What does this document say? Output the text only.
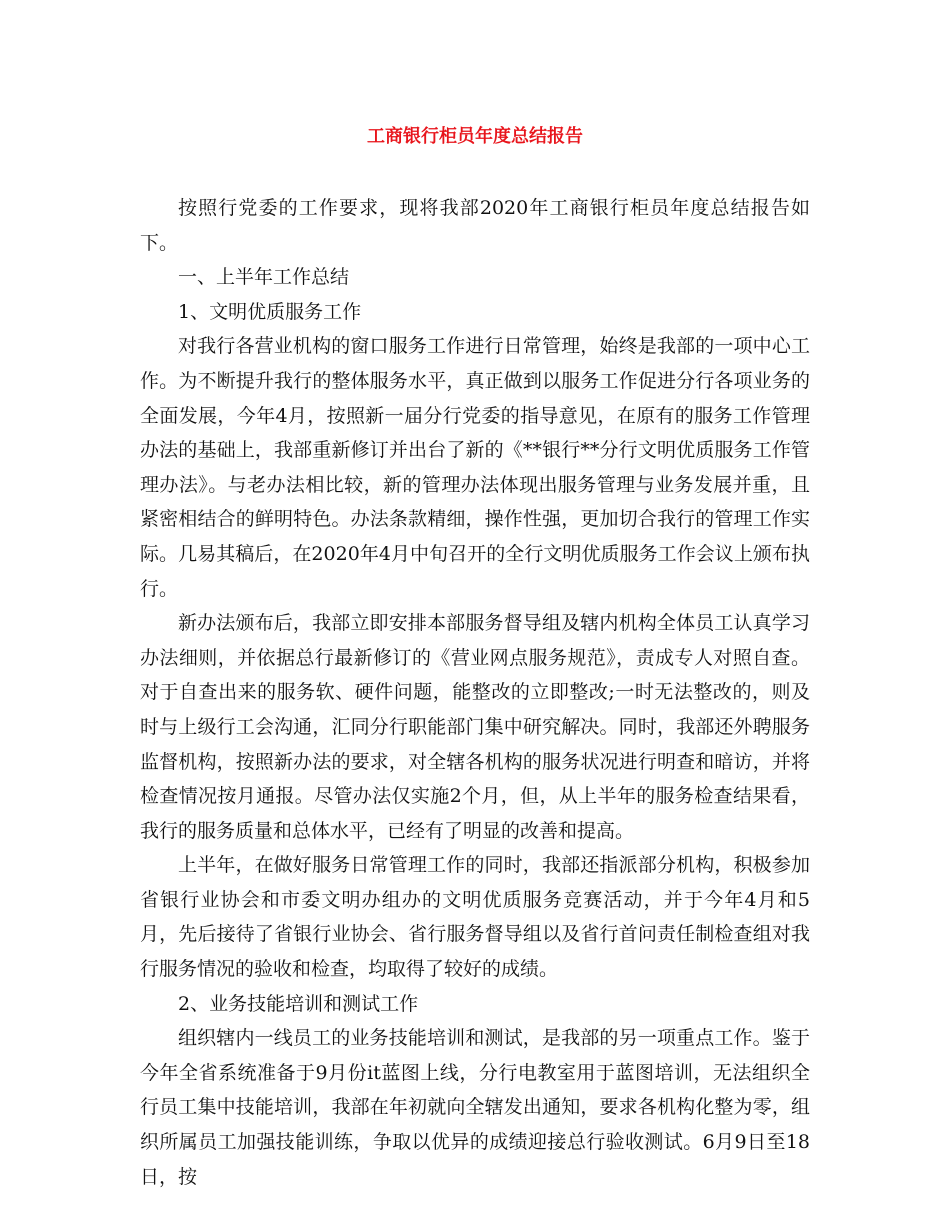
工商银行柜员年度总结报告

按照行党委的工作要求，现将我部2020年工商银行柜员年度总结报告如下。

一、上半年工作总结

1、文明优质服务工作

对我行各营业机构的窗口服务工作进行日常管理，始终是我部的一项中心工作。为不断提升我行的整体服务水平，真正做到以服务工作促进分行各项业务的全面发展，今年4月，按照新一届分行党委的指导意见，在原有的服务工作管理办法的基础上，我部重新修订并出台了新的《**银行**分行文明优质服务工作管理办法》。与老办法相比较，新的管理办法体现出服务管理与业务发展并重，且紧密相结合的鲜明特色。办法条款精细，操作性强，更加切合我行的管理工作实际。几易其稿后，在2020年4月中旬召开的全行文明优质服务工作会议上颁布执行。

新办法颁布后，我部立即安排本部服务督导组及辖内机构全体员工认真学习办法细则，并依据总行最新修订的《营业网点服务规范》，责成专人对照自查。对于自查出来的服务软、硬件问题，能整改的立即整改;一时无法整改的，则及时与上级行工会沟通，汇同分行职能部门集中研究解决。同时，我部还外聘服务监督机构，按照新办法的要求，对全辖各机构的服务状况进行明查和暗访，并将检查情况按月通报。尽管办法仅实施2个月，但，从上半年的服务检查结果看，我行的服务质量和总体水平，已经有了明显的改善和提高。

上半年，在做好服务日常管理工作的同时，我部还指派部分机构，积极参加省银行业协会和市委文明办组办的文明优质服务竞赛活动，并于今年4月和5月，先后接待了省银行业协会、省行服务督导组以及省行首问责任制检查组对我行服务情况的验收和检查，均取得了较好的成绩。

2、业务技能培训和测试工作

组织辖内一线员工的业务技能培训和测试，是我部的另一项重点工作。鉴于今年全省系统准备于9月份it蓝图上线，分行电教室用于蓝图培训，无法组织全行员工集中技能培训，我部在年初就向全辖发出通知，要求各机构化整为零，组织所属员工加强技能训练，争取以优异的成绩迎接总行验收测试。6月9日至18日，按
